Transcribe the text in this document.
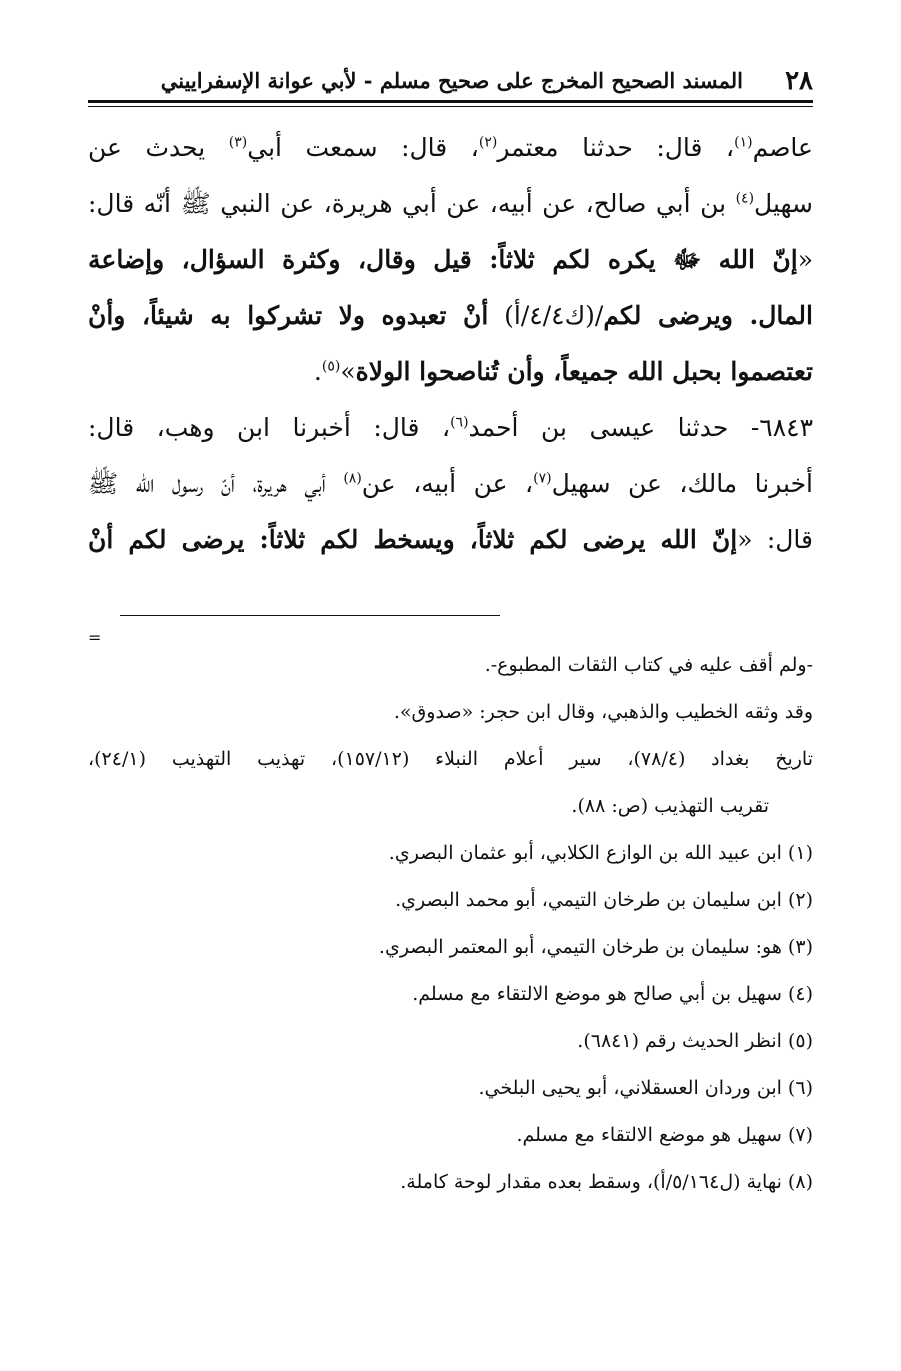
٢٨
المسند الصحيح المخرج على صحيح مسلم - لأبي عوانة الإسفراييني
عاصم$^{(١)}$، قال: حدثنا معتمر$^{(٢)}$، قال: سمعت أبي$^{(٣)}$ يحدث عن
سهيل$^{(٤)}$ بن أبي صالح، عن أبيه، عن أبي هريرة، عن النبي ﷺ أنّه قال:
«إنّ الله ﷻ يكره لكم ثلاثاً: قيل وقال، وكثرة السؤال، وإضاعة
المال. ويرضى لكم/(ك٤/٤/أ) أنْ تعبدوه ولا تشركوا به شيئاً، وأنْ
تعتصموا بحبل الله جميعاً، وأن تُناصحوا الولاة»$^{(٥)}$.
٦٨٤٣- حدثنا عيسى بن أحمد$^{(٦)}$، قال: أخبرنا ابن وهب، قال:
أخبرنا مالك، عن سهيل$^{(٧)}$، عن أبيه، عن$^{(٨)}$ أبي هريرة، أنّ رسول الله ﷺ
قال: «إنّ الله يرضى لكم ثلاثاً، ويسخط لكم ثلاثاً: يرضى لكم أنْ
=
-ولم أقف عليه في كتاب الثقات المطبوع-.
وقد وثقه الخطيب والذهبي، وقال ابن حجر: «صدوق».
تاريخ بغداد (٧٨/٤)، سير أعلام النبلاء (١٥٧/١٢)، تهذيب التهذيب (٢٤/١)،
تقريب التهذيب (ص: ٨٨).
(١) ابن عبيد الله بن الوازع الكلابي، أبو عثمان البصري.
(٢) ابن سليمان بن طرخان التيمي، أبو محمد البصري.
(٣) هو: سليمان بن طرخان التيمي، أبو المعتمر البصري.
(٤) سهيل بن أبي صالح هو موضع الالتقاء مع مسلم.
(٥) انظر الحديث رقم (٦٨٤١).
(٦) ابن وردان العسقلاني، أبو يحيى البلخي.
(٧) سهيل هو موضع الالتقاء مع مسلم.
(٨) نهاية (ل٥/١٦٤/أ)، وسقط بعده مقدار لوحة كاملة.
